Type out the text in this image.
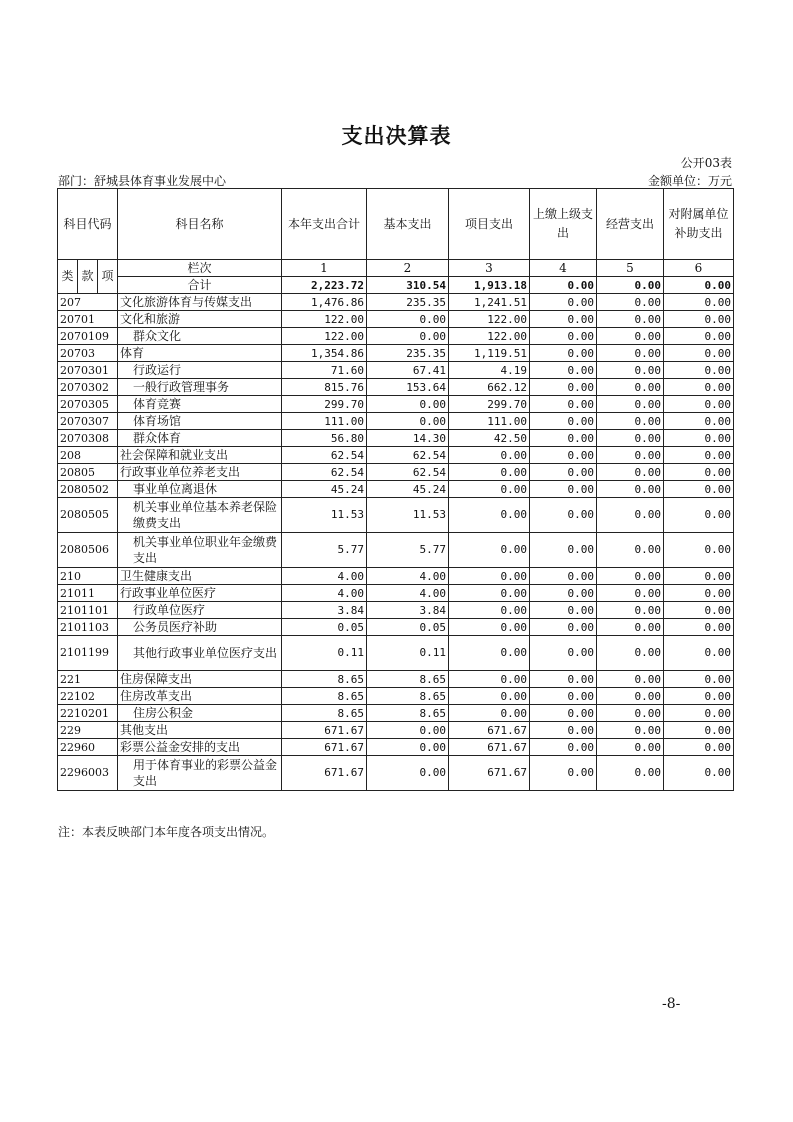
支出决算表
公开03表
部门：舒城县体育事业发展中心	金额单位：万元
科目代码			科目名称	本年支出合计	基本支出	项目支出	上缴上级支出	经营支出	对附属单位补助支出
类	款	项	栏次	1	2	3	4	5	6
			合计	2,223.72	310.54	1,913.18	0.00	0.00	0.00
207			文化旅游体育与传媒支出	1,476.86	235.35	1,241.51	0.00	0.00	0.00
20701			文化和旅游	122.00	0.00	122.00	0.00	0.00	0.00
2070109			群众文化	122.00	0.00	122.00	0.00	0.00	0.00
20703			体育	1,354.86	235.35	1,119.51	0.00	0.00	0.00
2070301			行政运行	71.60	67.41	4.19	0.00	0.00	0.00
2070302			一般行政管理事务	815.76	153.64	662.12	0.00	0.00	0.00
2070305			体育竞赛	299.70	0.00	299.70	0.00	0.00	0.00
2070307			体育场馆	111.00	0.00	111.00	0.00	0.00	0.00
2070308			群众体育	56.80	14.30	42.50	0.00	0.00	0.00
208			社会保障和就业支出	62.54	62.54	0.00	0.00	0.00	0.00
20805			行政事业单位养老支出	62.54	62.54	0.00	0.00	0.00	0.00
2080502			事业单位离退休	45.24	45.24	0.00	0.00	0.00	0.00
2080505			机关事业单位基本养老保险缴费支出	11.53	11.53	0.00	0.00	0.00	0.00
2080506			机关事业单位职业年金缴费支出	5.77	5.77	0.00	0.00	0.00	0.00
210			卫生健康支出	4.00	4.00	0.00	0.00	0.00	0.00
21011			行政事业单位医疗	4.00	4.00	0.00	0.00	0.00	0.00
2101101			行政单位医疗	3.84	3.84	0.00	0.00	0.00	0.00
2101103			公务员医疗补助	0.05	0.05	0.00	0.00	0.00	0.00
2101199			其他行政事业单位医疗支出	0.11	0.11	0.00	0.00	0.00	0.00
221			住房保障支出	8.65	8.65	0.00	0.00	0.00	0.00
22102			住房改革支出	8.65	8.65	0.00	0.00	0.00	0.00
2210201			住房公积金	8.65	8.65	0.00	0.00	0.00	0.00
229			其他支出	671.67	0.00	671.67	0.00	0.00	0.00
22960			彩票公益金安排的支出	671.67	0.00	671.67	0.00	0.00	0.00
2296003			用于体育事业的彩票公益金支出	671.67	0.00	671.67	0.00	0.00	0.00
注：本表反映部门本年度各项支出情况。
-8-
